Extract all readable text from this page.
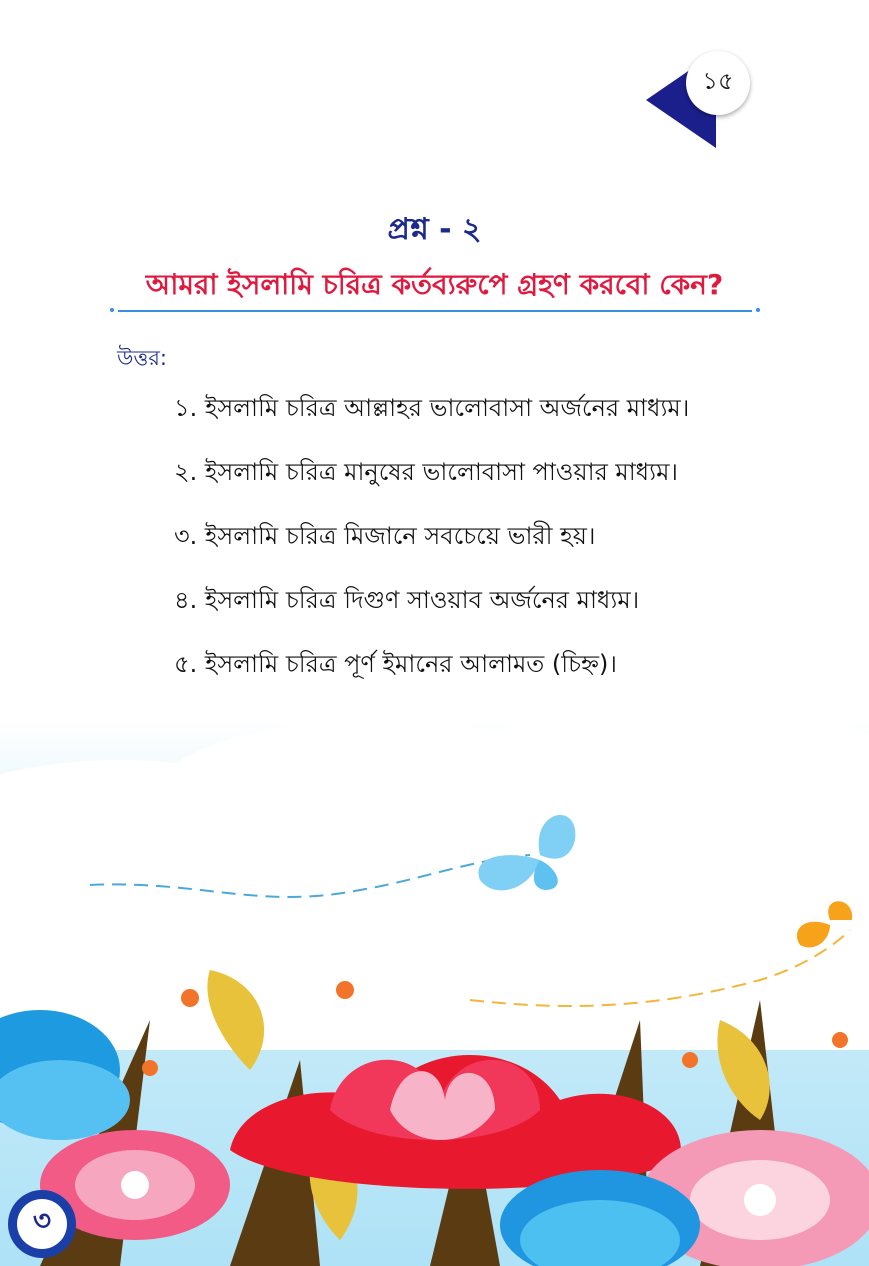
১৫
প্রশ্ন - ২
আমরা ইসলামি চরিত্র কর্তব্যরুপে গ্রহণ করবো কেন?
উত্তর:
১. ইসলামি চরিত্র আল্লাহর ভালোবাসা অর্জনের মাধ্যম।
২. ইসলামি চরিত্র মানুষের ভালোবাসা পাওয়ার মাধ্যম।
৩. ইসলামি চরিত্র মিজানে সবচেয়ে ভারী হয়।
৪. ইসলামি চরিত্র দিগুণ সাওয়াব অর্জনের মাধ্যম।
৫. ইসলামি চরিত্র পূর্ণ ইমানের আলামত (চিহ্ন)।
৩
